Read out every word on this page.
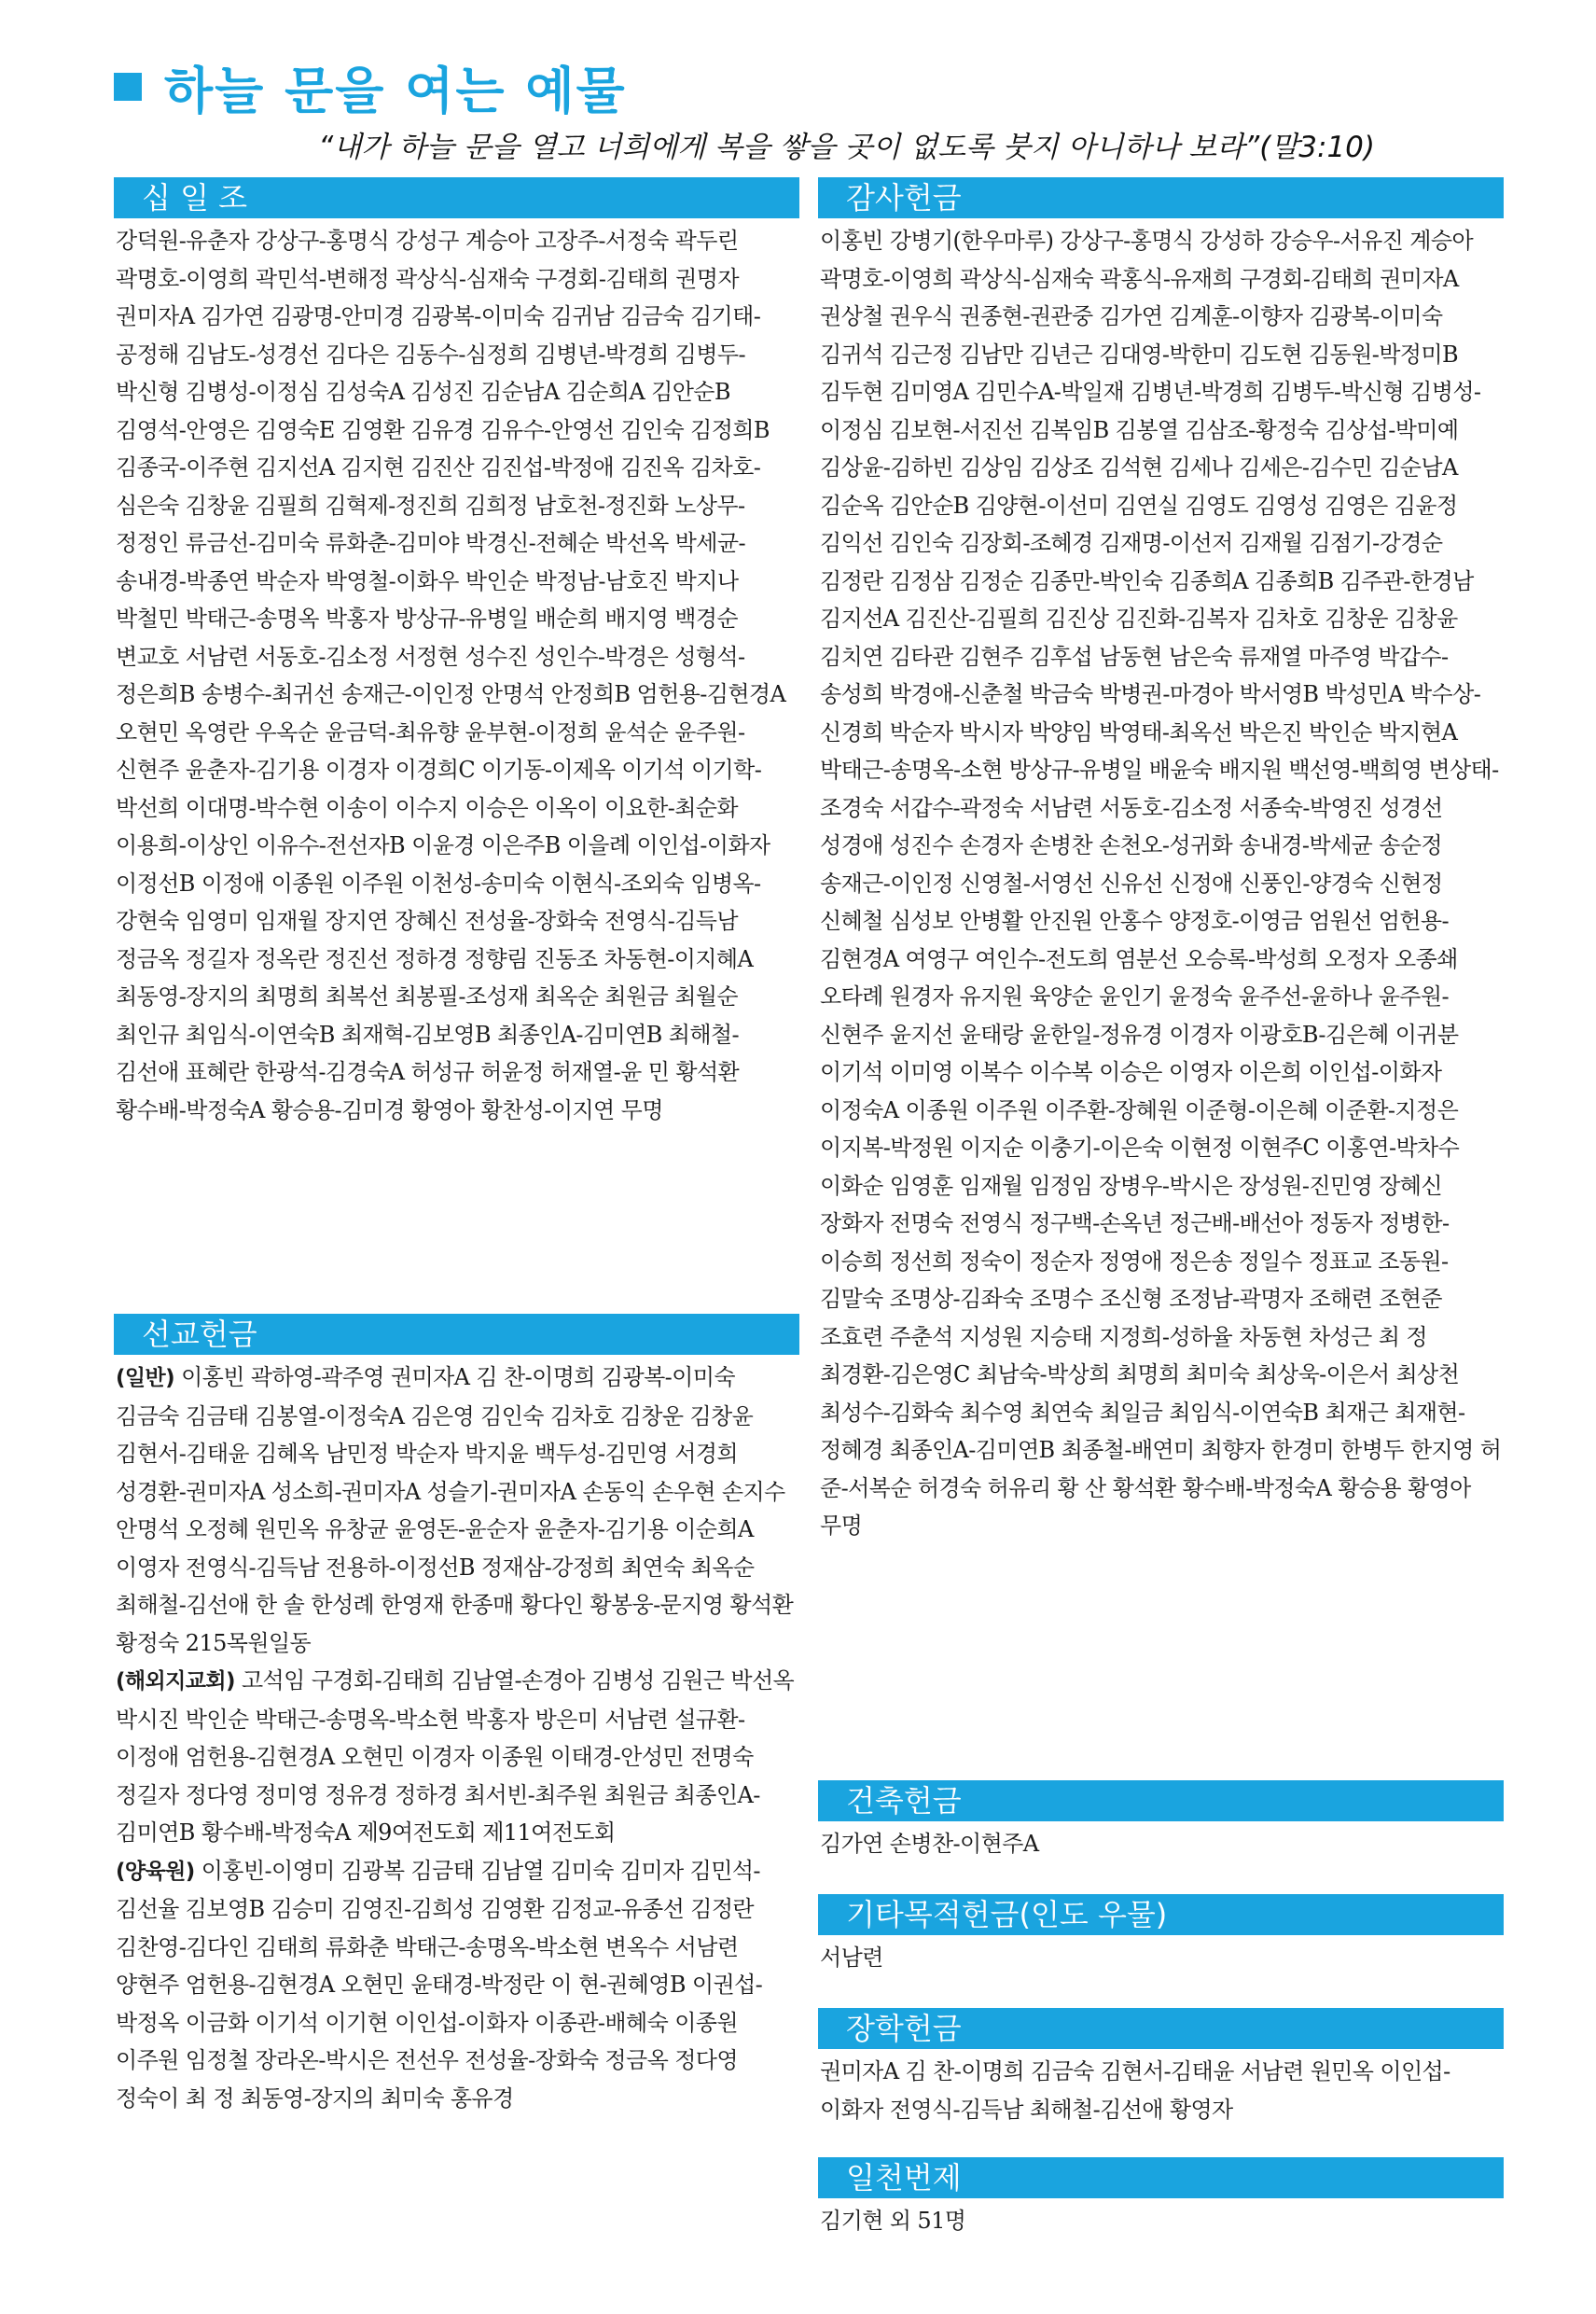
하늘 문을 여는 예물
“내가 하늘 문을 열고 너희에게 복을 쌓을 곳이 없도록 붓지 아니하나 보라”(말3:10)
십 일 조
강덕원-유춘자 강상구-홍명식 강성구 계승아 고장주-서정숙 곽두린 곽명호-이영희 곽민석-변해정 곽상식-심재숙 구경회-김태희 권명자 권미자A 김가연 김광명-안미경 김광복-이미숙 김귀남 김금숙 김기태-공정해 김남도-성경선 김다은 김동수-심정희 김병년-박경희 김병두-박신형 김병성-이정심 김성숙A 김성진 김순남A 김순희A 김안순B 김영석-안영은 김영숙E 김영환 김유경 김유수-안영선 김인숙 김정희B 김종국-이주현 김지선A 김지현 김진산 김진섭-박정애 김진옥 김차호-심은숙 김창윤 김필희 김혁제-정진희 김희정 남호천-정진화 노상무-정정인 류금선-김미숙 류화춘-김미야 박경신-전혜순 박선옥 박세균-송내경-박종연 박순자 박영철-이화우 박인순 박정남-남호진 박지나 박철민 박태근-송명옥 박홍자 방상규-유병일 배순희 배지영 백경순 변교호 서남련 서동호-김소정 서정현 성수진 성인수-박경은 성형석-정은희B 송병수-최귀선 송재근-이인정 안명석 안정희B 엄헌용-김현경A 오현민 옥영란 우옥순 윤금덕-최유향 윤부현-이정희 윤석순 윤주원-신현주 윤춘자-김기용 이경자 이경희C 이기동-이제옥 이기석 이기학-박선희 이대명-박수현 이송이 이수지 이승은 이옥이 이요한-최순화 이용희-이상인 이유수-전선자B 이윤경 이은주B 이을례 이인섭-이화자 이정선B 이정애 이종원 이주원 이천성-송미숙 이현식-조외숙 임병옥-강현숙 임영미 임재월 장지연 장혜신 전성율-장화숙 전영식-김득남 정금옥 정길자 정옥란 정진선 정하경 정향림 진동조 차동현-이지혜A 최동영-장지의 최명희 최복선 최봉필-조성재 최옥순 최원금 최월순 최인규 최임식-이연숙B 최재혁-김보영B 최종인A-김미연B 최해철-김선애 표혜란 한광석-김경숙A 허성규 허윤정 허재열-윤 민 황석환 황수배-박정숙A 황승용-김미경 황영아 황찬성-이지연 무명
선교헌금
(일반) 이홍빈 곽하영-곽주영 권미자A 김 찬-이명희 김광복-이미숙 김금숙 김금태 김봉열-이정숙A 김은영 김인숙 김차호 김창운 김창윤 김현서-김태윤 김혜옥 남민정 박순자 박지윤 백두성-김민영 서경희 성경환-권미자A 성소희-권미자A 성슬기-권미자A 손동익 손우현 손지수 안명석 오정혜 원민옥 유창균 윤영돈-윤순자 윤춘자-김기용 이순희A 이영자 전영식-김득남 전용하-이정선B 정재삼-강정희 최연숙 최옥순 최해철-김선애 한 솔 한성례 한영재 한종매 황다인 황봉웅-문지영 황석환 황정숙 215목원일동
(해외지교회) 고석임 구경회-김태희 김남열-손경아 김병성 김원근 박선옥 박시진 박인순 박태근-송명옥-박소현 박홍자 방은미 서남련 설규환-이정애 엄헌용-김현경A 오현민 이경자 이종원 이태경-안성민 전명숙 정길자 정다영 정미영 정유경 정하경 최서빈-최주원 최원금 최종인A-김미연B 황수배-박정숙A 제9여전도회 제11여전도회
(양육원) 이홍빈-이영미 김광복 김금태 김남열 김미숙 김미자 김민석-김선율 김보영B 김승미 김영진-김희성 김영환 김정교-유종선 김정란 김찬영-김다인 김태희 류화춘 박태근-송명옥-박소현 변옥수 서남련 양현주 엄헌용-김현경A 오현민 윤태경-박정란 이 현-권혜영B 이권섭-박정옥 이금화 이기석 이기현 이인섭-이화자 이종관-배혜숙 이종원 이주원 임정철 장라온-박시은 전선우 전성율-장화숙 정금옥 정다영 정숙이 최 정 최동영-장지의 최미숙 홍유경
감사헌금
이홍빈 강병기(한우마루) 강상구-홍명식 강성하 강승우-서유진 계승아 곽명호-이영희 곽상식-심재숙 곽홍식-유재희 구경회-김태희 권미자A 권상철 권우식 권종현-권관중 김가연 김계훈-이향자 김광복-이미숙 김귀석 김근정 김남만 김년근 김대영-박한미 김도현 김동원-박정미B 김두현 김미영A 김민수A-박일재 김병년-박경희 김병두-박신형 김병성-이정심 김보현-서진선 김복임B 김봉열 김삼조-황정숙 김상섭-박미예 김상윤-김하빈 김상임 김상조 김석현 김세나 김세은-김수민 김순남A 김순옥 김안순B 김양현-이선미 김연실 김영도 김영성 김영은 김윤정 김익선 김인숙 김장회-조혜경 김재명-이선저 김재월 김점기-강경순 김정란 김정삼 김정순 김종만-박인숙 김종희A 김종희B 김주관-한경남 김지선A 김진산-김필희 김진상 김진화-김복자 김차호 김창운 김창윤 김치연 김타관 김현주 김후섭 남동현 남은숙 류재열 마주영 박갑수-송성희 박경애-신춘철 박금숙 박병권-마경아 박서영B 박성민A 박수상-신경희 박순자 박시자 박양임 박영태-최옥선 박은진 박인순 박지현A 박태근-송명옥-소현 방상규-유병일 배윤숙 배지원 백선영-백희영 변상태-조경숙 서갑수-곽정숙 서남련 서동호-김소정 서종숙-박영진 성경선 성경애 성진수 손경자 손병찬 손천오-성귀화 송내경-박세균 송순정 송재근-이인정 신영철-서영선 신유선 신정애 신풍인-양경숙 신현정 신혜철 심성보 안병활 안진원 안홍수 양정호-이영금 엄원선 엄헌용-김현경A 여영구 여인수-전도희 염분선 오승록-박성희 오정자 오종쇄 오타례 원경자 유지원 육양순 윤인기 윤정숙 윤주선-윤하나 윤주원-신현주 윤지선 윤태랑 윤한일-정유경 이경자 이광호B-김은혜 이귀분 이기석 이미영 이복수 이수복 이승은 이영자 이은희 이인섭-이화자 이정숙A 이종원 이주원 이주환-장혜원 이준형-이은혜 이준환-지정은 이지복-박정원 이지순 이충기-이은숙 이현정 이현주C 이홍연-박차수 이화순 임영훈 임재월 임정임 장병우-박시은 장성원-진민영 장혜신 장화자 전명숙 전영식 정구백-손옥년 정근배-배선아 정동자 정병한-이승희 정선희 정숙이 정순자 정영애 정은송 정일수 정표교 조동원-김말숙 조명상-김좌숙 조명수 조신형 조정남-곽명자 조해련 조현준 조효련 주춘석 지성원 지승태 지정희-성하율 차동현 차성근 최 정 최경환-김은영C 최남숙-박상희 최명희 최미숙 최상욱-이은서 최상천 최성수-김화숙 최수영 최연숙 최일금 최임식-이연숙B 최재근 최재현-정혜경 최종인A-김미연B 최종철-배연미 최향자 한경미 한병두 한지영 허 준-서복순 허경숙 허유리 황 산 황석환 황수배-박정숙A 황승용 황영아 무명
건축헌금
김가연 손병찬-이현주A
기타목적헌금(인도 우물)
서남련
장학헌금
권미자A 김 찬-이명희 김금숙 김현서-김태윤 서남련 원민옥 이인섭-이화자 전영식-김득남 최해철-김선애 황영자
일천번제
김기현 외 51명
